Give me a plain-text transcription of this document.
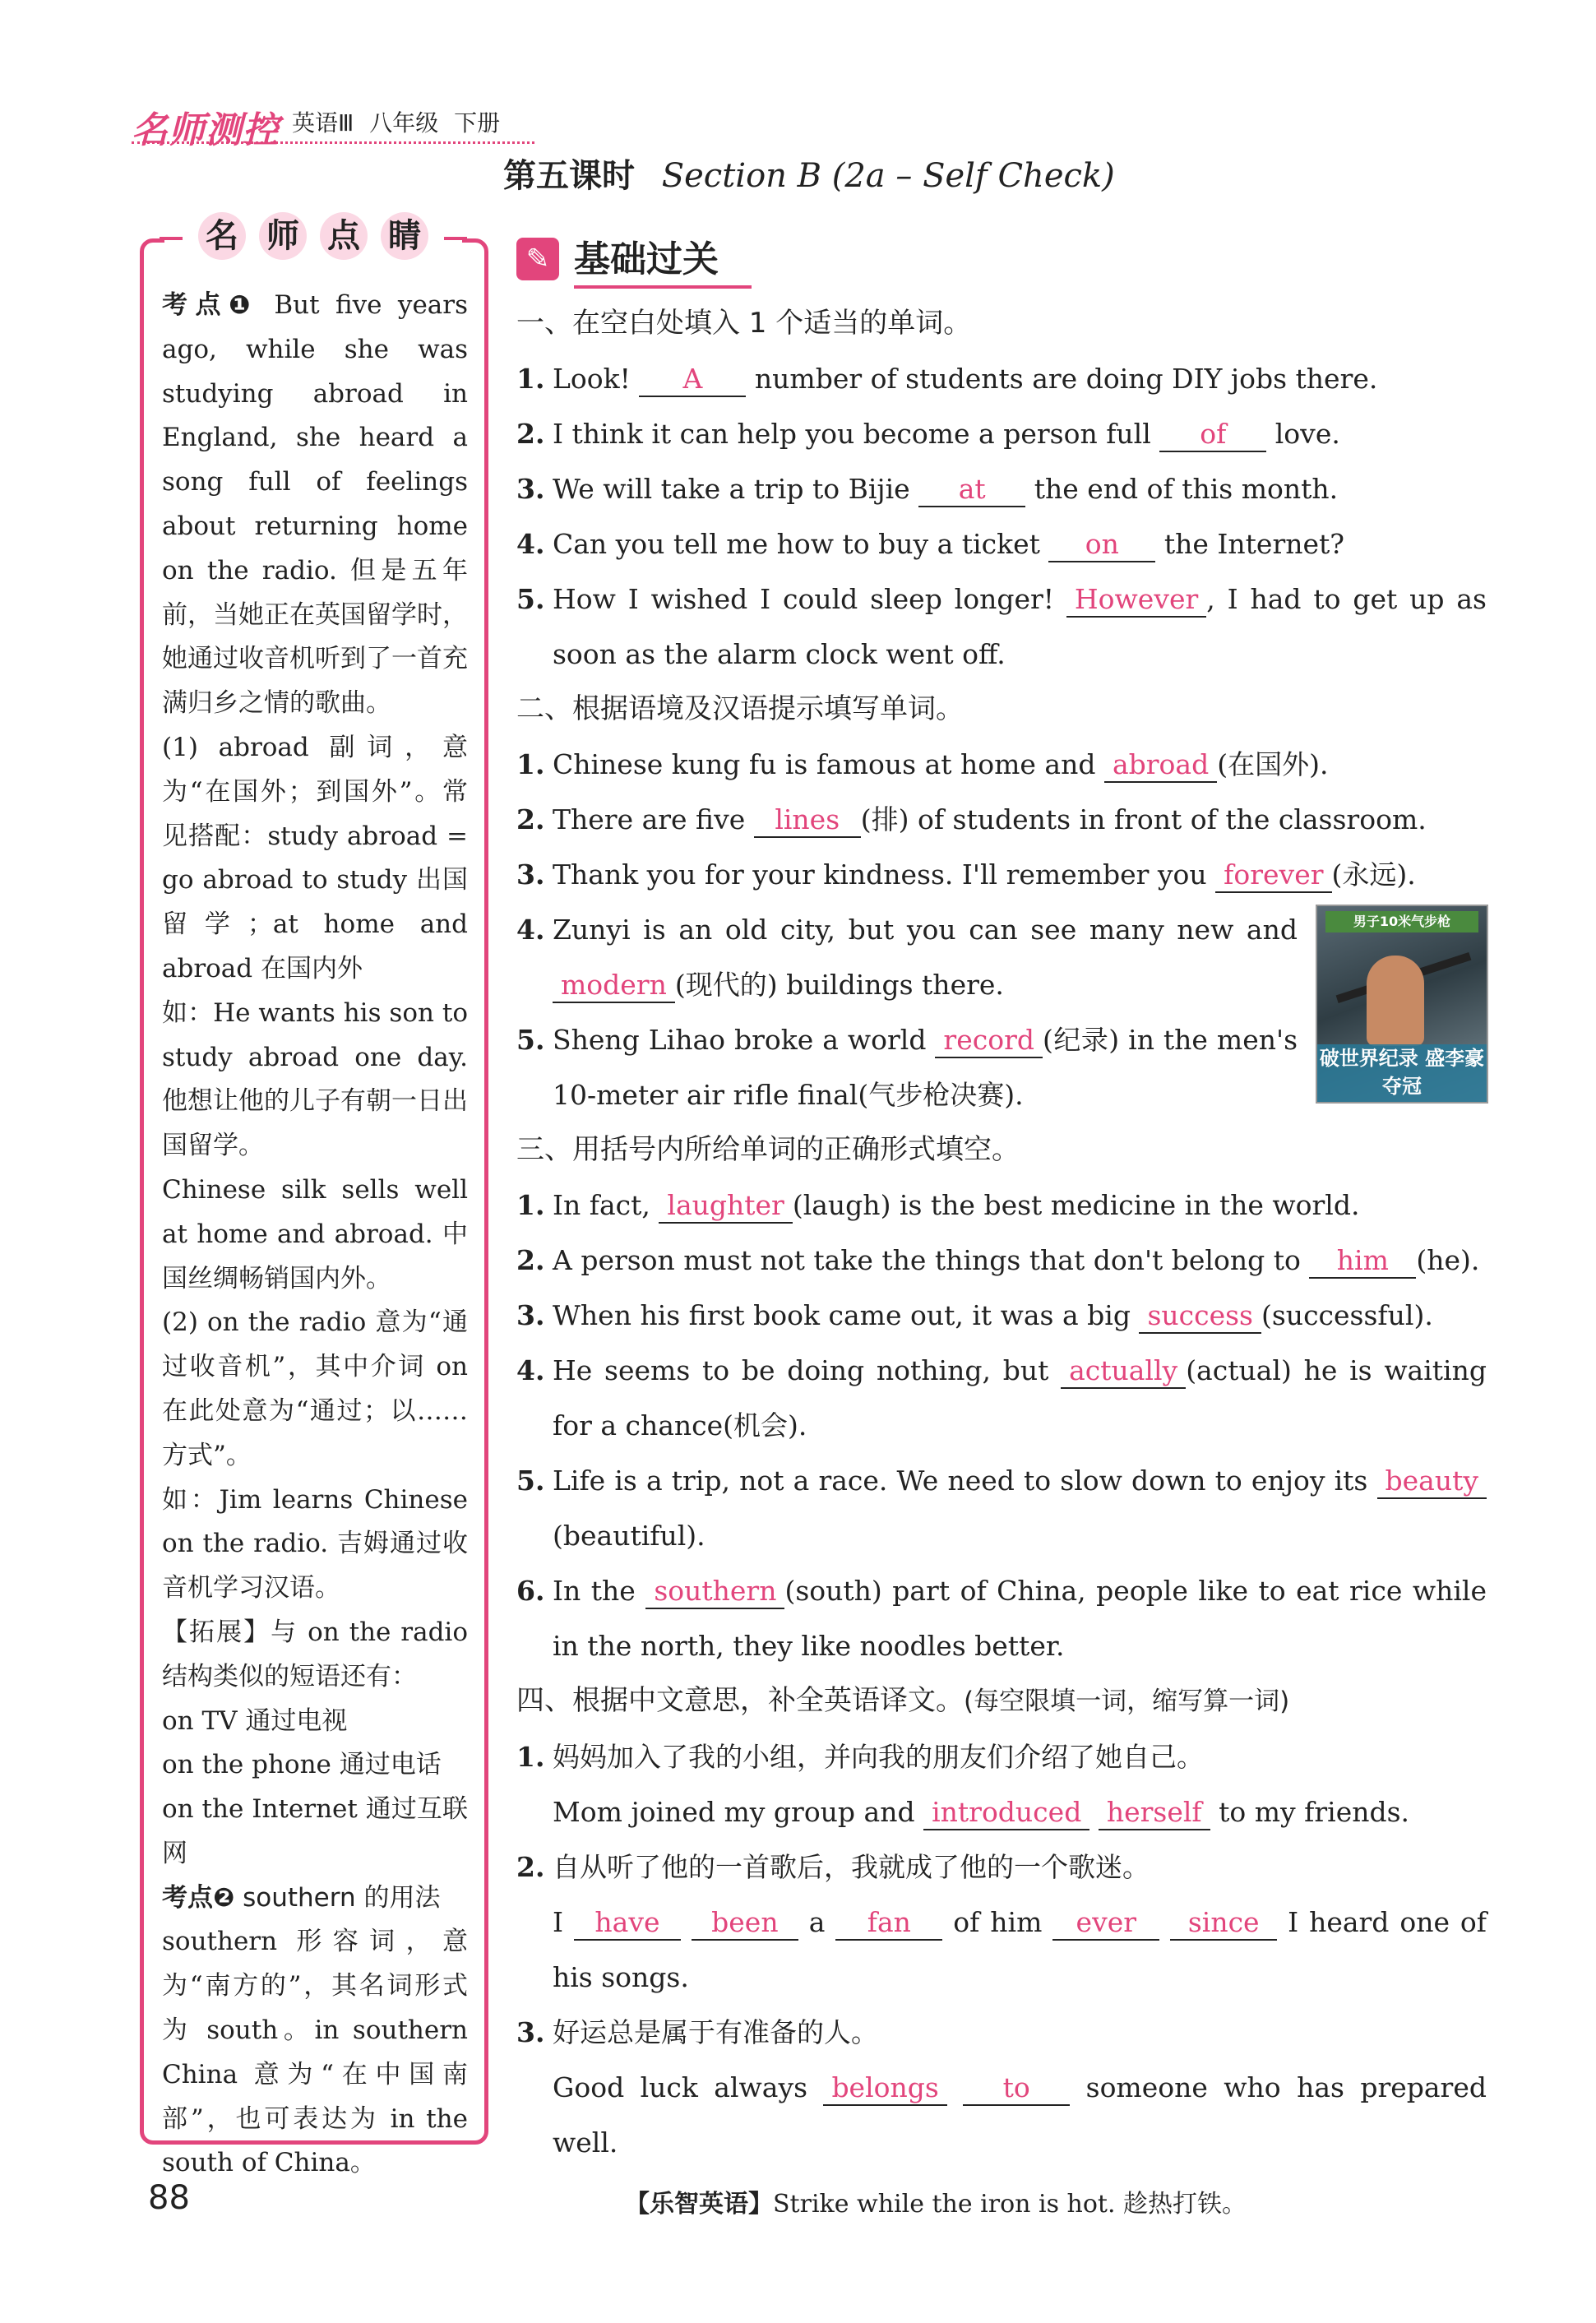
名师测控 英语Ⅲ 八年级 下册
第五课时 Section B (2a – Self Check)

考点❶ But five years ago, while she was studying abroad in England, she heard a song full of feelings about returning home on the radio. 但是五年前，当她正在英国留学时，她通过收音机听到了一首充满归乡之情的歌曲。

(1) abroad 副词，意为“在国外；到国外”。常见搭配：study abroad = go abroad to study 出国留学；at home and abroad 在国内外

如：He wants his son to study abroad one day. 他想让他的儿子有朝一日出国留学。

Chinese silk sells well at home and abroad. 中国丝绸畅销国内外。

(2) on the radio 意为“通过收音机”，其中介词 on 在此处意为“通过；以……方式”。

如：Jim learns Chinese on the radio. 吉姆通过收音机学习汉语。

【拓展】与 on the radio 结构类似的短语还有：

on TV 通过电视

on the phone 通过电话

on the Internet 通过互联网

考点❷ southern 的用法

southern 形容词，意为“南方的”，其名词形式为 south。in southern China 意为“在中国南部”，也可表达为 in the south of China。

名 师 点 睛
✎ 基础过关

一、在空白处填入 1 个适当的单词。

1. Look! A number of students are doing DIY jobs there.

2. I think it can help you become a person full of love.

3. We will take a trip to Bijie at the end of this month.

4. Can you tell me how to buy a ticket on the Internet?

5. How I wished I could sleep longer! However , I had to get up as soon as the alarm clock went off.

二、根据语境及汉语提示填写单词。

1. Chinese kung fu is famous at home and abroad (在国外).

2. There are five lines (排) of students in front of the classroom.

3. Thank you for your kindness. I'll remember you forever (永远).

4. Zunyi is an old city, but you can see many new and modern (现代的) buildings there.

5. Sheng Lihao broke a world record (纪录) in the men's 10-meter air rifle final(气步枪决赛).

三、用括号内所给单词的正确形式填空。

1. In fact, laughter (laugh) is the best medicine in the world.

2. A person must not take the things that don't belong to him (he).

3. When his first book came out, it was a big success (successful).

4. He seems to be doing nothing, but actually (actual) he is waiting for a chance(机会).

5. Life is a trip, not a race. We need to slow down to enjoy its beauty(beautiful).

6. In the southern (south) part of China, people like to eat rice while in the north, they like noodles better.

四、根据中文意思，补全英语译文。(每空限填一词，缩写算一词)

1. 妈妈加入了我的小组，并向我的朋友们介绍了她自己。

Mom joined my group and introduced herself to my friends.

2. 自从听了他的一首歌后，我就成了他的一个歌迷。

I have been a fan of him ever since I heard one of his songs.

3. 好运总是属于有准备的人。

Good luck always belongs to someone who has prepared well.

男子10米气步枪
破世界纪录 盛李豪夺冠
88	【乐智英语】Strike while the iron is hot. 趁热打铁。
